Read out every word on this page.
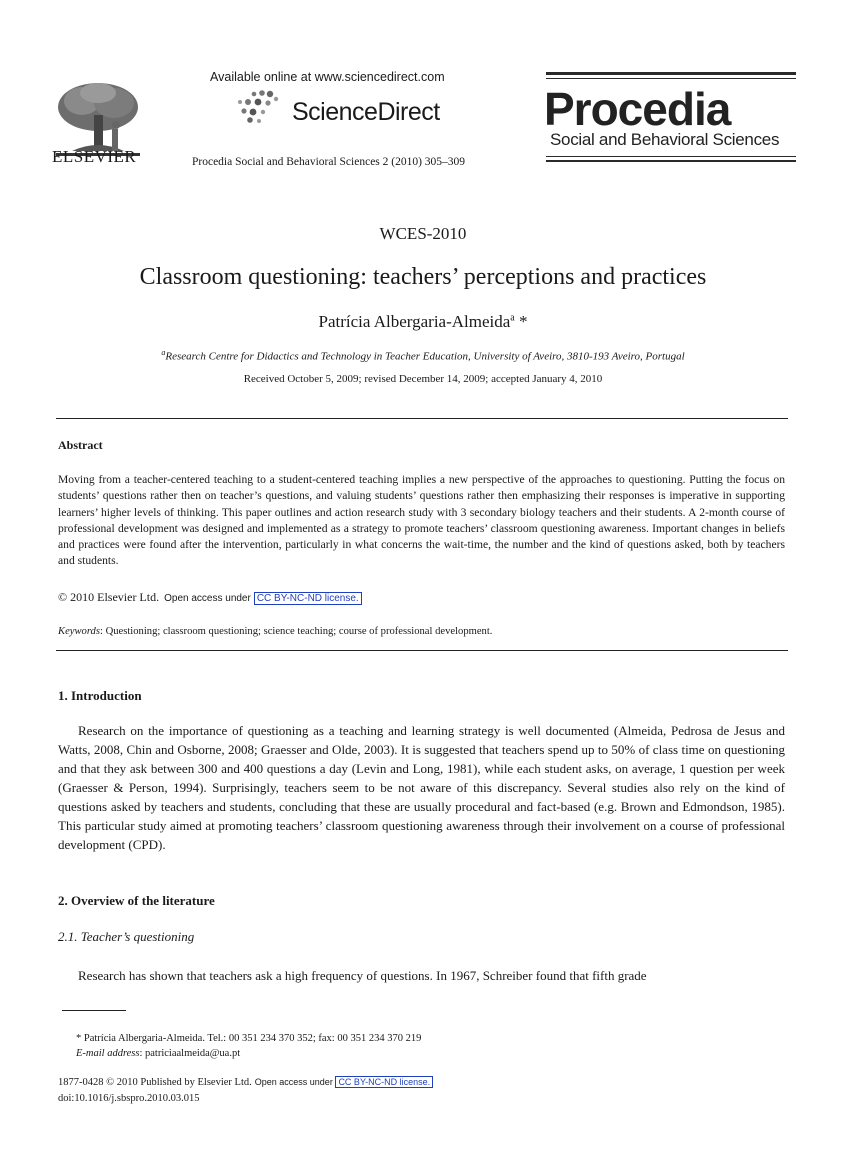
ELSEVIER
Available online at www.sciencedirect.com
ScienceDirect
Procedia Social and Behavioral Sciences 2 (2010) 305–309
Procedia
Social and Behavioral Sciences
WCES-2010
Classroom questioning: teachers’ perceptions and practices
Patrícia Albergaria-Almeida$^a$ *
$^a$Research Centre for Didactics and Technology in Teacher Education, University of Aveiro, 3810-193 Aveiro, Portugal
Received October 5, 2009; revised December 14, 2009; accepted January 4, 2010
Abstract
Moving from a teacher-centered teaching to a student-centered teaching implies a new perspective of the approaches to questioning. Putting the focus on students’ questions rather then on teacher’s questions, and valuing students’ questions rather then emphasizing their responses is imperative in supporting learners’ higher levels of thinking. This paper outlines and action research study with 3 secondary biology teachers and their students. A 2-month course of professional development was designed and implemented as a strategy to promote teachers’ classroom questioning awareness. Important changes in beliefs and practices were found after the intervention, particularly in what concerns the wait-time, the number and the kind of questions asked, both by teachers and students.
© 2010 Elsevier Ltd. Open access under CC BY-NC-ND license.
Keywords: Questioning; classroom questioning; science teaching; course of professional development.
1. Introduction
Research on the importance of questioning as a teaching and learning strategy is well documented (Almeida, Pedrosa de Jesus and Watts, 2008, Chin and Osborne, 2008; Graesser and Olde, 2003). It is suggested that teachers spend up to 50% of class time on questioning and that they ask between 300 and 400 questions a day (Levin and Long, 1981), while each student asks, on average, 1 question per week (Graesser & Person, 1994). Surprisingly, teachers seem to be not aware of this discrepancy. Several studies also rely on the kind of questions asked by teachers and students, concluding that these are usually procedural and fact-based (e.g. Brown and Edmondson, 1985). This particular study aimed at promoting teachers’ classroom questioning awareness through their involvement on a course of professional development (CPD).
2. Overview of the literature
2.1. Teacher’s questioning
Research has shown that teachers ask a high frequency of questions. In 1967, Schreiber found that fifth grade
* Patrícia Albergaria-Almeida. Tel.: 00 351 234 370 352; fax: 00 351 234 370 219
E-mail address: patriciaalmeida@ua.pt
1877-0428 © 2010 Published by Elsevier Ltd. Open access under CC BY-NC-ND license.
doi:10.1016/j.sbspro.2010.03.015
